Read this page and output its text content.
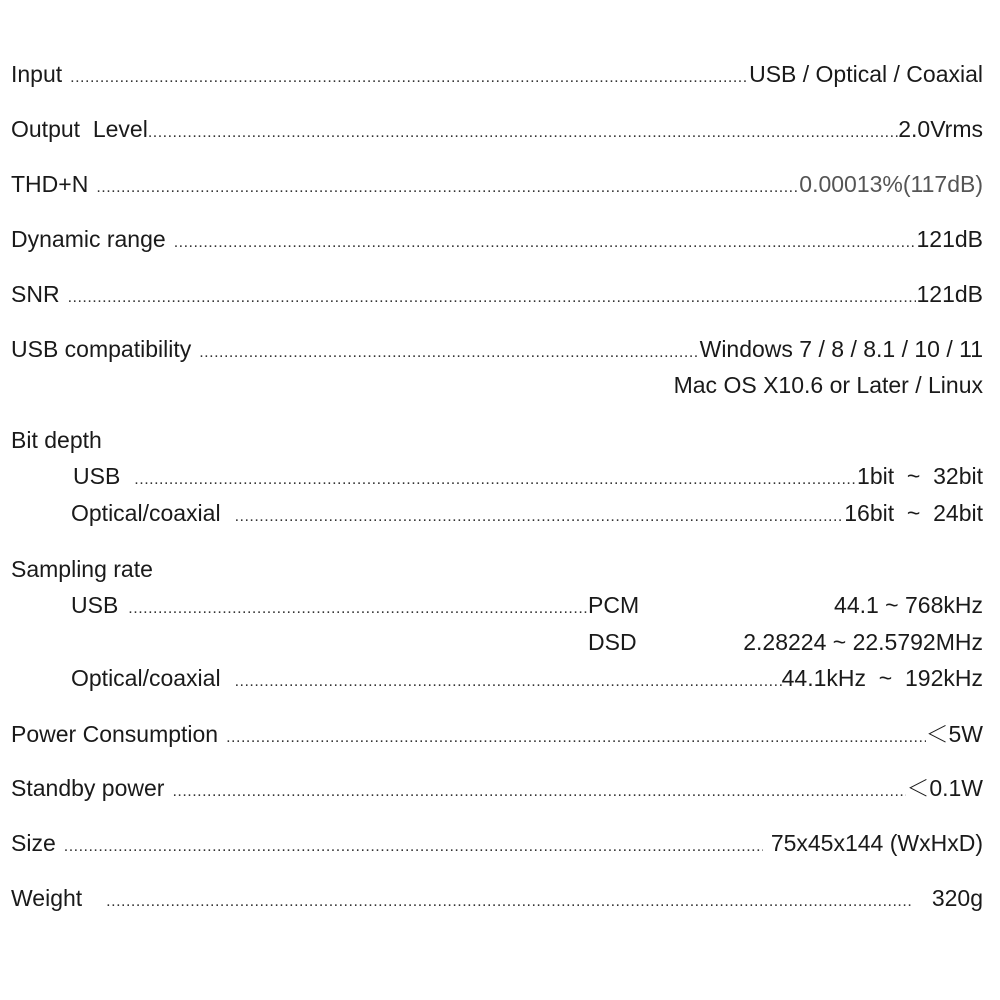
Input .....	USB / Optical / Coaxial
Output  Level .....	2.0Vrms
THD+N .....	0.00013%(117dB)
Dynamic range .....	121dB
SNR .....	121dB
USB compatibility .....	Windows 7 / 8 / 8.1 / 10 / 11
Mac OS X10.6 or Later / Linux
Bit depth
USB .....	1bit  ~  32bit
Optical/coaxial .....	16bit  ~  24bit
Sampling rate
USB .....	PCM	44.1 ~ 768kHz
DSD	2.28224 ~ 22.5792MHz
Optical/coaxial .....	44.1kHz  ~  192kHz
Power Consumption .....	＜5W
Standby power .....	＜0.1W
Size .....	75x45x144 (WxHxD)
Weight .....	320g
